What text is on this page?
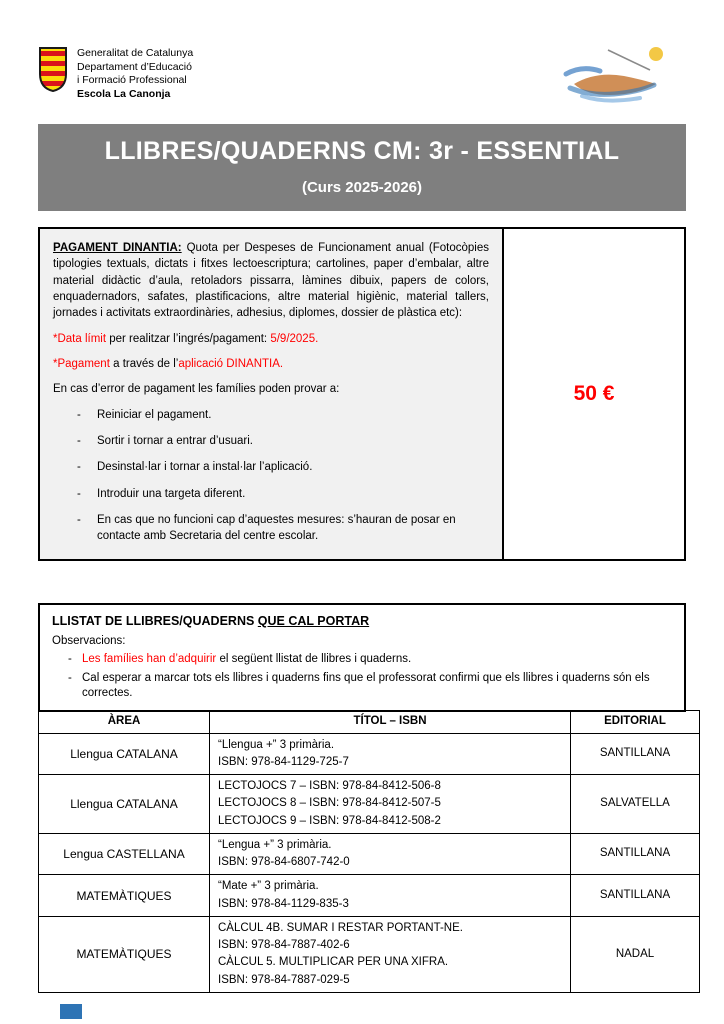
Generalitat de Catalunya
Departament d’Educació
i Formació Professional
Escola La Canonja
LLIBRES/QUADERNS CM: 3r - ESSENTIAL
(Curs 2025-2026)

PAGAMENT DINANTIA: Quota per Despeses de Funcionament anual (Fotocòpies tipologies textuals, dictats i fitxes lectoescriptura; cartolines, paper d’embalar, altre material didàctic d’aula, retoladors pissarra, làmines dibuix, papers de colors, enquadernadors, safates, plastificacions, altre material higiènic, material tallers, jornades i activitats extraordinàries, adhesius, diplomes, dossier de plàstica etc):

*Data límit per realitzar l’ingrés/pagament: 5/9/2025.

*Pagament a través de l’aplicació DINANTIA.

En cas d’error de pagament les famílies poden provar a:

- Reiniciar el pagament.
- Sortir i tornar a entrar d’usuari.
- Desinstal·lar i tornar a instal·lar l’aplicació.
- Introduir una targeta diferent.
- En cas que no funcioni cap d’aquestes mesures: s’hauran de posar en contacte amb Secretaria del centre escolar.
50 €

LLISTAT DE LLIBRES/QUADERNS QUE CAL PORTAR

Observacions:
- Les famílies han d’adquirir el següent llistat de llibres i quaderns.
- Cal esperar a marcar tots els llibres i quaderns fins que el professorat confirmi que els llibres i quaderns són els correctes.
ÀREA	TÍTOL – ISBN	EDITORIAL
Llengua CATALANA	“Llengua +” 3 primària.
ISBN: 978-84-1129-725-7	SANTILLANA
Llengua CATALANA	LECTOJOCS 7 – ISBN: 978-84-8412-506-8
LECTOJOCS 8 – ISBN: 978-84-8412-507-5
LECTOJOCS 9 – ISBN: 978-84-8412-508-2	SALVATELLA
Lengua CASTELLANA	“Lengua +” 3 primària.
ISBN: 978-84-6807-742-0	SANTILLANA
MATEMÀTIQUES	“Mate +” 3 primària.
ISBN: 978-84-1129-835-3	SANTILLANA
MATEMÀTIQUES	CÀLCUL 4B. SUMAR I RESTAR PORTANT-NE.
ISBN: 978-84-7887-402-6
CÀLCUL 5. MULTIPLICAR PER UNA XIFRA.
ISBN: 978-84-7887-029-5	NADAL
